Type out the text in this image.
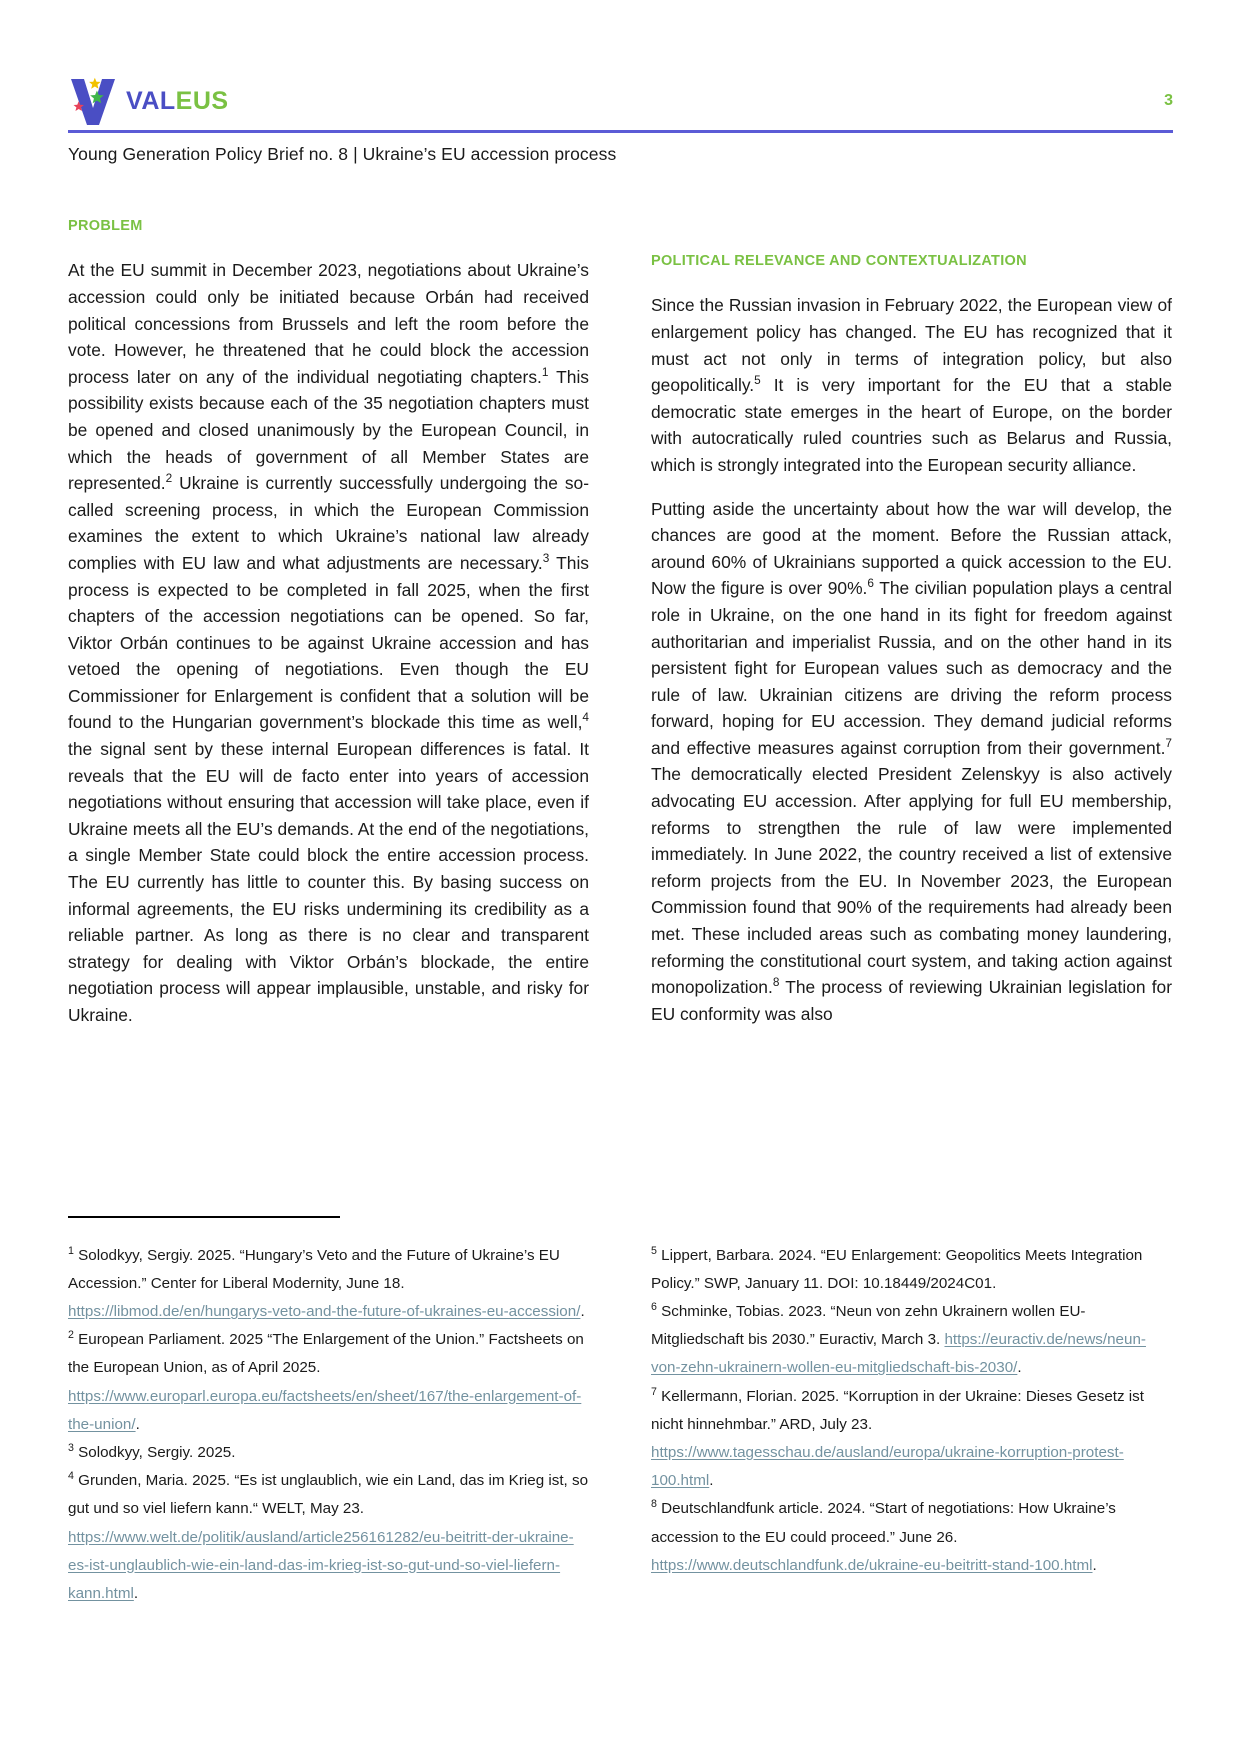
VALEUS	3
Young Generation Policy Brief no. 8 | Ukraine’s EU accession process
PROBLEM

At the EU summit in December 2023, negotiations about Ukraine’s accession could only be initiated because Orbán had received political concessions from Brussels and left the room before the vote. However, he threatened that he could block the accession process later on any of the individual negotiating chapters.$^1$ This possibility exists because each of the 35 negotiation chapters must be opened and closed unanimously by the European Council, in which the heads of government of all Member States are represented.$^2$ Ukraine is currently successfully undergoing the so-called screening process, in which the European Commission examines the extent to which Ukraine’s national law already complies with EU law and what adjustments are necessary.$^3$ This process is expected to be completed in fall 2025, when the first chapters of the accession negotiations can be opened. So far, Viktor Orbán continues to be against Ukraine accession and has vetoed the opening of negotiations. Even though the EU Commissioner for Enlargement is confident that a solution will be found to the Hungarian government’s blockade this time as well,$^4$ the signal sent by these internal European differences is fatal. It reveals that the EU will de facto enter into years of accession negotiations without ensuring that accession will take place, even if Ukraine meets all the EU’s demands. At the end of the negotiations, a single Member State could block the entire accession process. The EU currently has little to counter this. By basing success on informal agreements, the EU risks undermining its credibility as a reliable partner. As long as there is no clear and transparent strategy for dealing with Viktor Orbán’s blockade, the entire negotiation process will appear implausible, unstable, and risky for Ukraine.

POLITICAL RELEVANCE AND CONTEXTUALIZATION

Since the Russian invasion in February 2022, the European view of enlargement policy has changed. The EU has recognized that it must act not only in terms of integration policy, but also geopolitically.$^5$ It is very important for the EU that a stable democratic state emerges in the heart of Europe, on the border with autocratically ruled countries such as Belarus and Russia, which is strongly integrated into the European security alliance.

Putting aside the uncertainty about how the war will develop, the chances are good at the moment. Before the Russian attack, around 60% of Ukrainians supported a quick accession to the EU. Now the figure is over 90%.$^6$ The civilian population plays a central role in Ukraine, on the one hand in its fight for freedom against authoritarian and imperialist Russia, and on the other hand in its persistent fight for European values such as democracy and the rule of law. Ukrainian citizens are driving the reform process forward, hoping for EU accession. They demand judicial reforms and effective measures against corruption from their government.$^7$ The democratically elected President Zelenskyy is also actively advocating EU accession. After applying for full EU membership, reforms to strengthen the rule of law were implemented immediately. In June 2022, the country received a list of extensive reform projects from the EU. In November 2023, the European Commission found that 90% of the requirements had already been met. These included areas such as combating money laundering, reforming the constitutional court system, and taking action against monopolization.$^8$ The process of reviewing Ukrainian legislation for EU conformity was also

$^1$ Solodkyy, Sergiy. 2025. “Hungary’s Veto and the Future of Ukraine’s EU Accession.” Center for Liberal Modernity, June 18. https://libmod.de/en/hungarys-veto-and-the-future-of-ukraines-eu-accession/.

$^2$ European Parliament. 2025 “The Enlargement of the Union.” Factsheets on the European Union, as of April 2025. https://www.europarl.europa.eu/factsheets/en/sheet/167/the-enlargement-of-the-union/.

$^3$ Solodkyy, Sergiy. 2025.

$^4$ Grunden, Maria. 2025. “Es ist unglaublich, wie ein Land, das im Krieg ist, so gut und so viel liefern kann.“ WELT, May 23. https://www.welt.de/politik/ausland/article256161282/eu-beitritt-der-ukraine-es-ist-unglaublich-wie-ein-land-das-im-krieg-ist-so-gut-und-so-viel-liefern-kann.html.

$^5$ Lippert, Barbara. 2024. “EU Enlargement: Geopolitics Meets Integration Policy.” SWP, January 11. DOI: 10.18449/2024C01.

$^6$ Schminke, Tobias. 2023. “Neun von zehn Ukrainern wollen EU-Mitgliedschaft bis 2030.” Euractiv, March 3. https://euractiv.de/news/neun-von-zehn-ukrainern-wollen-eu-mitgliedschaft-bis-2030/.

$^7$ Kellermann, Florian. 2025. “Korruption in der Ukraine: Dieses Gesetz ist nicht hinnehmbar.” ARD, July 23. https://www.tagesschau.de/ausland/europa/ukraine-korruption-protest-100.html.

$^8$ Deutschlandfunk article. 2024. “Start of negotiations: How Ukraine’s accession to the EU could proceed.” June 26. https://www.deutschlandfunk.de/ukraine-eu-beitritt-stand-100.html.
